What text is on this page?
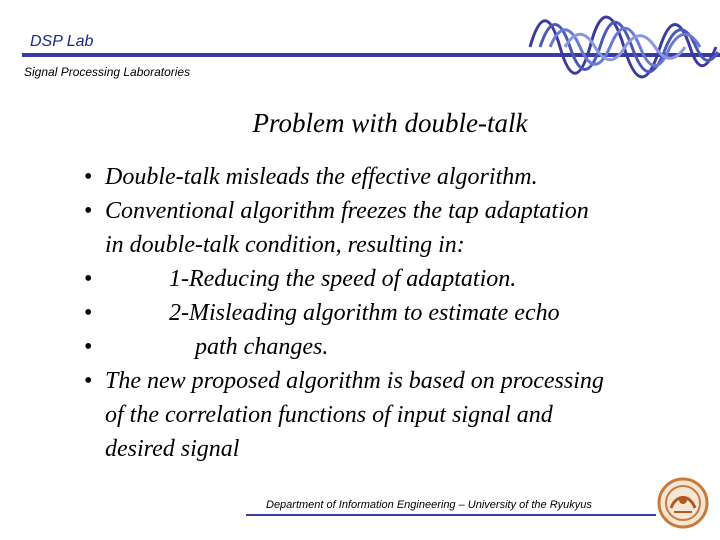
DSP Lab
Signal Processing Laboratories
Problem with double-talk
• Double-talk misleads the effective algorithm.
• Conventional algorithm freezes the tap adaptation
in double-talk condition, resulting in:
•	1-Reducing the speed of adaptation.
•	2-Misleading algorithm to estimate echo
•	path changes.
• The new proposed algorithm is based on processing
of the correlation functions of input signal and
desired signal
Department of Information Engineering – University of the Ryukyus
